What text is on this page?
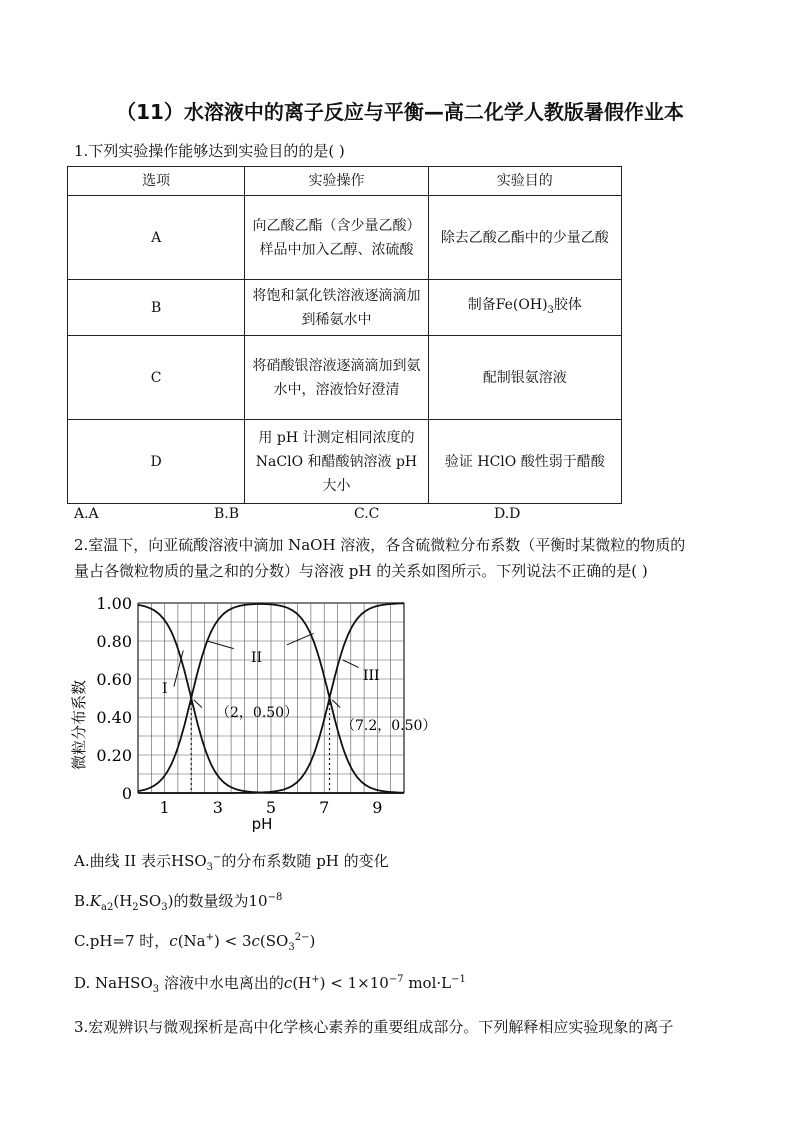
（11）水溶液中的离子反应与平衡—高二化学人教版暑假作业本
1.下列实验操作能够达到实验目的的是( )
选项	实验操作	实验目的
A	向乙酸乙酯（含少量乙酸）样品中加入乙醇、浓硫酸	除去乙酸乙酯中的少量乙酸
B	将饱和氯化铁溶液逐滴滴加到稀氨水中	制备$Fe(OH)_3$胶体
C	将硝酸银溶液逐滴滴加到氨水中，溶液恰好澄清	配制银氨溶液
D	用 pH 计测定相同浓度的 NaClO 和醋酸钠溶液 pH 大小	验证 HClO 酸性弱于醋酸
A.A	B.B	C.C	D.D
2.室温下，向亚硫酸溶液中滴加 NaOH 溶液，各含硫微粒分布系数（平衡时某微粒的物质的
量占各微粒物质的量之和的分数）与溶液 pH 的关系如图所示。下列说法不正确的是( )
0
0.20
0.40
0.60
0.80
1.00
1	3	5	7	9
微粒分布系数
pH
I
II
III
（2，0.50）
（7.2，0.50）
A.曲线 II 表示$HSO_3^-$的分布系数随 pH 的变化
$B.K_{a2}(H_2SO_3)$的数量级为$10^{-8}$
C.pH=7 时，$c(Na^+) < 3c(SO_3^{2-})$
D. NaHSO$_3$ 溶液中水电离出的$c(H^+) < 1\times 10^{-7}$ $mol\cdot L^{-1}$
3.宏观辨识与微观探析是高中化学核心素养的重要组成部分。下列解释相应实验现象的离子
